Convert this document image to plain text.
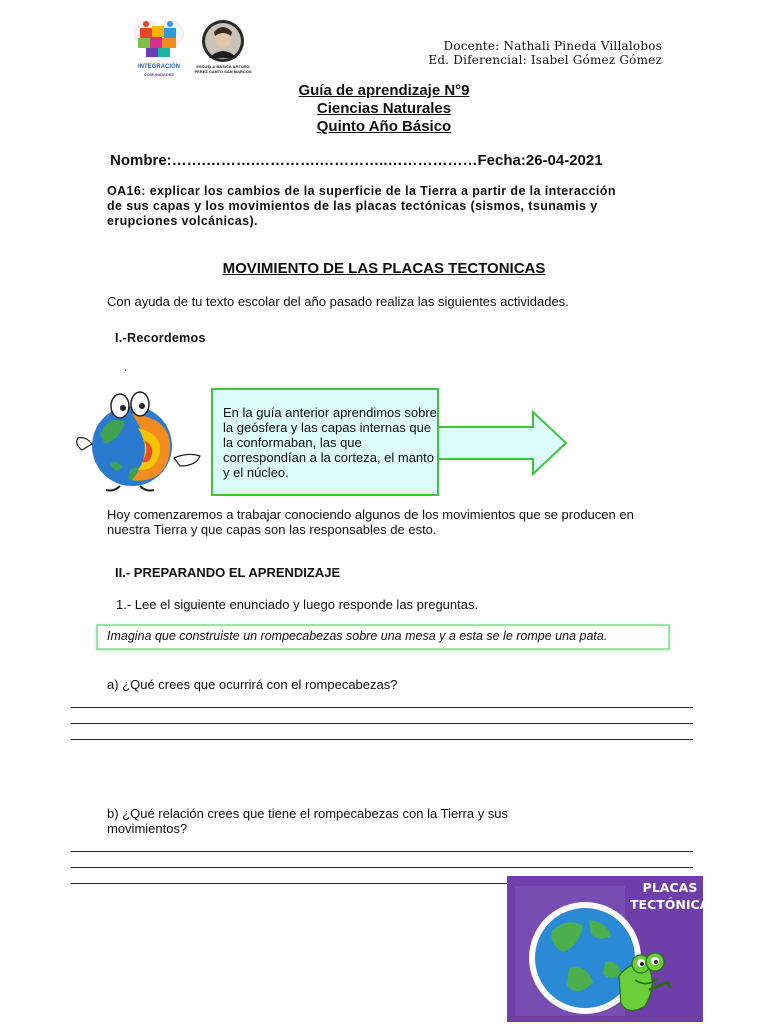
INTEGRACIÓN
COMUNIDADES
ESCUELA BÁSICA ARTURO PÉREZ CANTO SAN MARCOS
Docente: Nathali Pineda Villalobos
Ed. Diferencial: Isabel Gómez Gómez
Guía de aprendizaje N°9
Ciencias Naturales
Quinto Año Básico
Nombre:…….……….………….…………..………………Fecha:26-04-2021
OA16: explicar los cambios de la superficie de la Tierra a partir de la interacción de sus capas y los movimientos de las placas tectónicas (sismos, tsunamis y erupciones volcánicas).
MOVIMIENTO DE LAS PLACAS TECTONICAS
Con ayuda de tu texto escolar del año pasado realiza las siguientes actividades.
I.-Recordemos
.
En la guía anterior aprendimos sobre la geósfera y las capas internas que la conformaban, las que correspondían a la corteza, el manto y el núcleo.
Hoy comenzaremos a trabajar conociendo algunos de los movimientos que se producen en nuestra Tierra y que capas son las responsables de esto.
II.- PREPARANDO EL APRENDIZAJE
1.- Lee el siguiente enunciado y luego responde las preguntas.
Imagina que construiste un rompecabezas sobre una mesa y a esta se le rompe una pata.
a) ¿Qué crees que ocurrirá con el rompecabezas?
b) ¿Qué relación crees que tiene el rompecabezas con la Tierra y sus movimientos?
PLACAS
TECTÓNICAS
